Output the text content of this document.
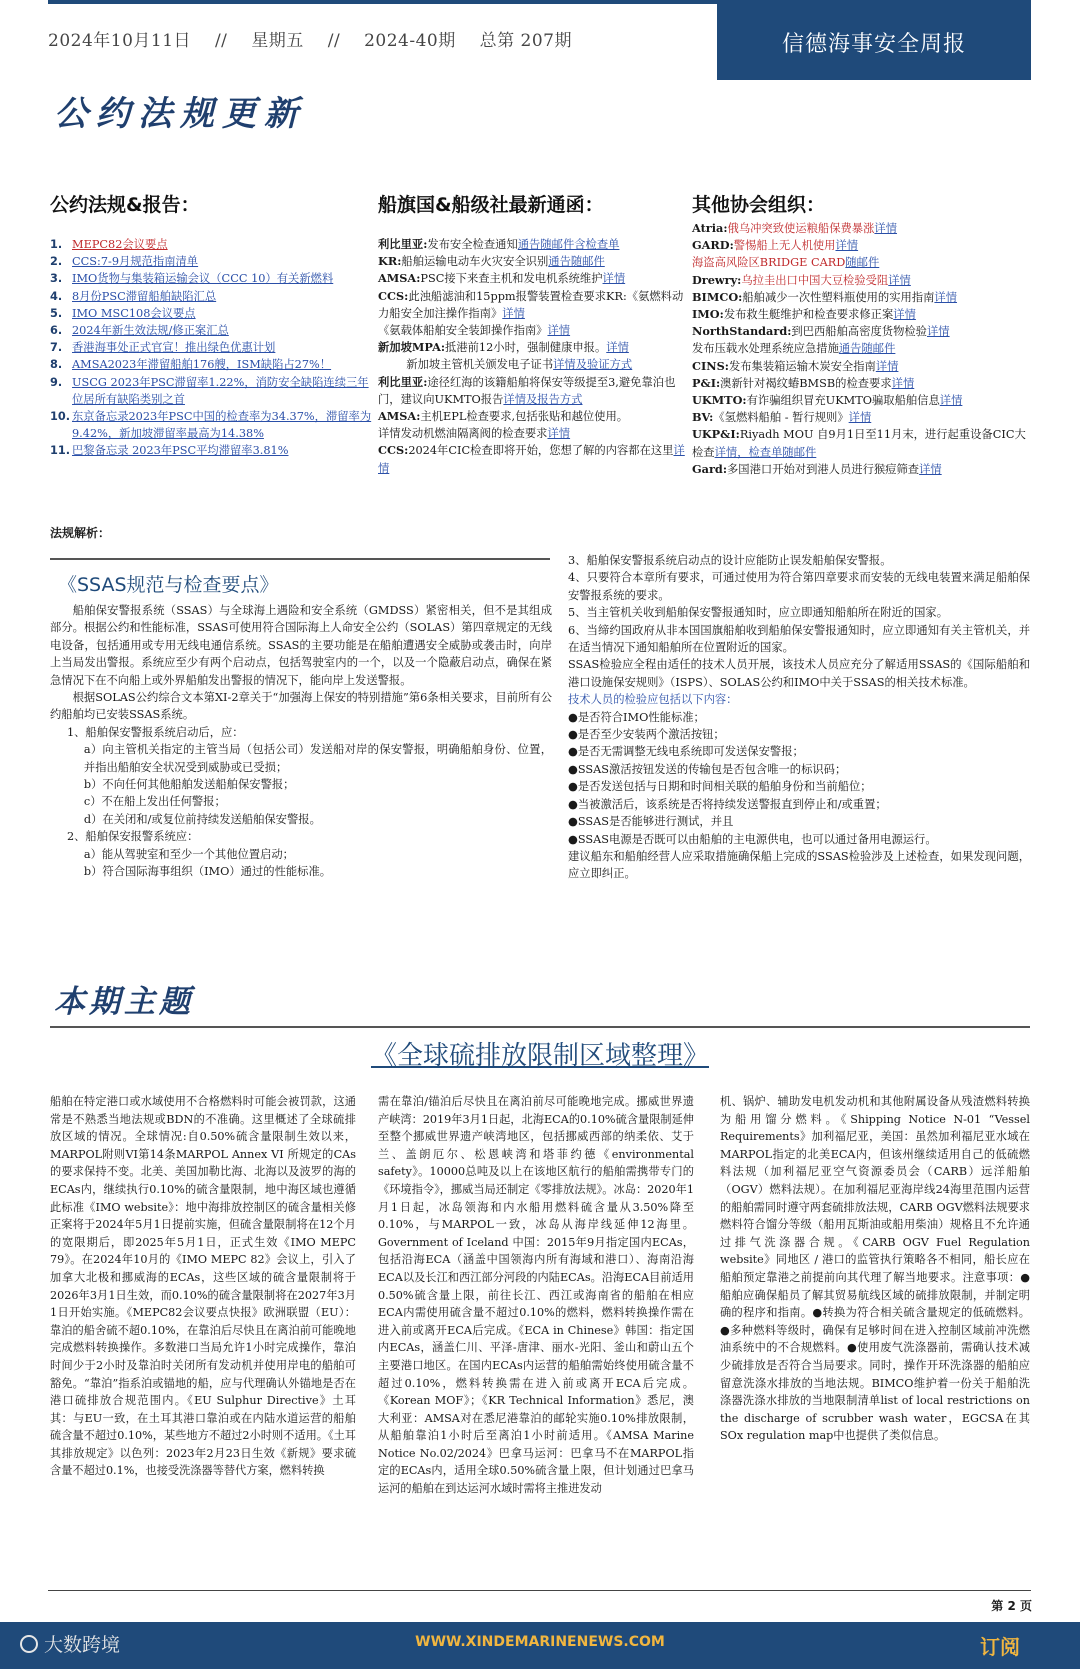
2024年10月11日 // 星期五 // 2024-40期 总第 207期	信德海事安全周报
公约法规更新
公约法规&报告：	船旗国&船级社最新通函：	其他协会组织：
1. MEPC82会议要点
2. CCS:7-9月规范指南清单
3. IMO货物与集装箱运输会议（CCC 10）有关新燃料
4. 8月份PSC滞留船舶缺陷汇总
5. IMO MSC108会议要点
6. 2024年新生效法规/修正案汇总
7. 香港海事处正式官宣！推出绿色优惠计划
8. AMSA2023年滞留船舶176艘，ISM缺陷占27%！
9. USCG 2023年PSC滞留率1.22%，消防安全缺陷连续三年位居所有缺陷类别之首
10. 东京备忘录2023年PSC中国的检查率为34.37%，滞留率为9.42%，新加坡滞留率最高为14.38%
11. 巴黎备忘录 2023年PSC平均滞留率3.81%
利比里亚:发布安全检查通知通告随邮件含检查单
KR:船舶运输电动车火灾安全识别通告随邮件
AMSA:PSC接下来查主机和发电机系统维护详情
CCS:此浊船滤油和15ppm报警装置检查要求KR:《氨燃料动力船安全加注操作指南》详情
《氨载体船舶安全装卸操作指南》详情
新加坡MPA:抵港前12小时，强制健康申报。详情
新加坡主管机关颁发电子证书详情及验证方式
利比里亚:途径红海的该籍船舶将保安等级提至3,避免靠泊也门，建议向UKMTO报告详情及报告方式
AMSA:主机EPL检查要求,包括张贴和越位使用。
详情发动机燃油隔离阀的检查要求详情
CCS:2024年CIC检查即将开始，您想了解的内容都在这里详情
Atria:俄乌冲突致使运粮船保费暴涨详情
GARD:警惕船上无人机使用详情
海盗高风险区BRIDGE CARD随邮件
Drewry:乌拉圭出口中国大豆检验受阻详情
BIMCO:船舶减少一次性塑料瓶使用的实用指南详情
IMO:发布救生艇维护和检查要求修正案详情
NorthStandard:到巴西船舶高密度货物检验详情
发布压载水处理系统应急措施通告随邮件
CINS:发布集装箱运输木炭安全指南详情
P&I:澳新针对褐纹蝽BMSB的检查要求详情
UKMTO:有诈骗组织冒充UKMTO骗取船舶信息详情
BV:《氢燃料船舶 - 暂行规则》详情
UKP&I:Riyadh MOU 自9月1日至11月末，进行起重设备CIC大检查详情，检查单随邮件
Gard:多国港口开始对到港人员进行猴痘筛查详情
法规解析：
《SSAS规范与检查要点》

船舶保安警报系统（SSAS）与全球海上遇险和安全系统（GMDSS）紧密相关，但不是其组成部分。根据公约和性能标准，SSAS可使用符合国际海上人命安全公约（SOLAS）第四章规定的无线电设备，包括通用或专用无线电通信系统。SSAS的主要功能是在船舶遭遇安全威胁或袭击时，向岸上当局发出警报。系统应至少有两个启动点，包括驾驶室内的一个，以及一个隐蔽启动点，确保在紧急情况下在不向船上或外界船舶发出警报的情况下，能向岸上发送警报。

根据SOLAS公约综合文本第XI-2章关于“加强海上保安的特别措施”第6条相关要求，目前所有公约船舶均已安装SSAS系统。

1、船舶保安警报系统启动后，应：

a）向主管机关指定的主管当局（包括公司）发送船对岸的保安警报，明确船舶身份、位置，并指出船舶安全状况受到威胁或已受损；

b）不向任何其他船舶发送船舶保安警报；

c）不在船上发出任何警报；

d）在关闭和/或复位前持续发送船舶保安警报。

2、船舶保安报警系统应：

a）能从驾驶室和至少一个其他位置启动；

b）符合国际海事组织（IMO）通过的性能标准。

3、船舶保安警报系统启动点的设计应能防止误发船舶保安警报。

4、只要符合本章所有要求，可通过使用为符合第四章要求而安装的无线电装置来满足船舶保安警报系统的要求。

5、当主管机关收到船舶保安警报通知时，应立即通知船舶所在附近的国家。

6、当缔约国政府从非本国国旗船舶收到船舶保安警报通知时，应立即通知有关主管机关，并在适当情况下通知船舶所在位置附近的国家。

SSAS检验应全程由适任的技术人员开展，该技术人员应充分了解适用SSAS的《国际船舶和港口设施保安规则》（ISPS）、SOLAS公约和IMO中关于SSAS的相关技术标准。

技术人员的检验应包括以下内容：

●是否符合IMO性能标准；

●是否至少安装两个激活按钮；

●是否无需调整无线电系统即可发送保安警报；

●SSAS激活按钮发送的传输包是否包含唯一的标识码；

●是否发送包括与日期和时间相关联的船舶身份和当前船位；

●当被激活后，该系统是否将持续发送警报直到停止和/或重置；

●SSAS是否能够进行测试，并且

●SSAS电源是否既可以由船舶的主电源供电，也可以通过备用电源运行。

建议船东和船舶经营人应采取措施确保船上完成的SSAS检验涉及上述检查，如果发现问题，应立即纠正。

本期主题
《全球硫排放限制区域整理》

船舶在特定港口或水域使用不合格燃料时可能会被罚款，这通常是不熟悉当地法规或BDN的不准确。这里概述了全球硫排放区域的情况。全球情况:自0.50%硫含量限制生效以来，MARPOL附则VI第14条MARPOL Annex VI 所规定的CAs的要求保持不变。北美、美国加勒比海、北海以及波罗的海的ECAs内，继续执行0.10%的硫含量限制，地中海区域也遵循此标准《IMO website》：地中海排放控制区的硫含量相关修正案将于2024年5月1日提前实施，但硫含量限制将在12个月的宽限期后，即2025年5月1日，正式生效《IMO MEPC 79》。在2024年10月的《IMO MEPC 82》会议上，引入了加拿大北极和挪威海的ECAs，这些区域的硫含量限制将于2026年3月1日生效，而0.10%的硫含量限制将在2027年3月1日开始实施。《MEPC82会议要点快报》欧洲联盟（EU）：靠泊的船舍硫不超0.10%，在靠泊后尽快且在离泊前可能晚地完成燃料转换操作。多数港口当局允许1小时完成操作，靠泊时间少于2小时及靠泊时关闭所有发动机并使用岸电的船舶可豁免。“靠泊”指系泊或锚地的船，应与代理确认外锚地是否在港口硫排放合规范围内。《EU Sulphur Directive》土耳其：与EU一致，在土耳其港口靠泊或在内陆水道运营的船舶硫含量不超过0.10%，某些地方不超过2小时则不适用。《土耳其排放规定》以色列：2023年2月23日生效《新规》要求硫含量不超过0.1%，也接受洗涤器等替代方案，燃料转换

需在靠泊/锚泊后尽快且在离泊前尽可能晚地完成。挪威世界遗产峡湾：2019年3月1日起，北海ECA的0.10%硫含量限制延伸至整个挪威世界遗产峡湾地区，包括挪威西部的纳柔依、艾于兰、盖朗厄尔、松恩峡湾和塔菲约德《environmental safety》。10000总吨及以上在该地区航行的船舶需携带专门的《环境指令》，挪威当局还制定《零排放法规》。冰岛：2020年1月1日起，冰岛领海和内水船用燃料硫含量从3.50%降至0.10%，与MARPOL一致，冰岛从海岸线延伸12海里。Government of Iceland 中国：2015年9月指定国内ECAs，包括沿海ECA（涵盖中国领海内所有海域和港口）、海南沿海ECA以及长江和西江部分河段的内陆ECAs。沿海ECA目前适用0.50%硫含量上限，前往长江、西江或海南省的船舶在相应ECA内需使用硫含量不超过0.10%的燃料，燃料转换操作需在进入前或离开ECA后完成。《ECA in Chinese》韩国：指定国内ECAs，涵盖仁川、平泽-唐津、丽水-光阳、釜山和蔚山五个主要港口地区。在国内ECAs内运营的船舶需始终使用硫含量不超过0.10%，燃料转换需在进入前或离开ECA后完成。《Korean MOF》；《KR Technical Information》悉尼，澳大利亚：AMSA对在悉尼港靠泊的邮轮实施0.10%排放限制，从船舶靠泊1小时后至离泊1小时前适用。《AMSA Marine Notice No.02/2024》巴拿马运河：巴拿马不在MARPOL指定的ECAs内，适用全球0.50%硫含量上限，但计划通过巴拿马运河的船舶在到达运河水域时需将主推进发动

机、锅炉、辅助发电机发动机和其他附属设备从残渣燃料转换为船用馏分燃料。《Shipping Notice N-01 “Vessel Requirements》加利福尼亚，美国：虽然加利福尼亚水域在MARPOL指定的北美ECA内，但该州继续适用自己的低硫燃料法规（加利福尼亚空气资源委员会（CARB）远洋船舶（OGV）燃料法规）。在加利福尼亚海岸线24海里范围内运营的船舶需同时遵守两套硫排放法规，CARB OGV燃料法规要求燃料符合馏分等级（船用瓦斯油或船用柴油）规格且不允许通过排气洗涤器合规。《CARB OGV Fuel Regulation website》同地区 / 港口的监管执行策略各不相同，船长应在船舶预定靠港之前提前向其代理了解当地要求。注意事项：●船舶应确保船员了解其贸易航线区域的硫排放限制，并制定明确的程序和指南。●转换为符合相关硫含量规定的低硫燃料。●多种燃料等级时，确保有足够时间在进入控制区域前冲洗燃油系统中的不合规燃料。●使用废气洗涤器前，需确认技术减少硫排放是否符合当局要求。同时，操作开环洗涤器的船舶应留意洗涤水排放的当地法规。BIMCO维护着一份关于船舶洗涤器洗涤水排放的当地限制清单list of local restrictions on the discharge of scrubber wash water，EGCSA在其SOx regulation map中也提供了类似信息。

第 2 页
大数跨境	WWW.XINDEMARINENEWS.COM	订阅
